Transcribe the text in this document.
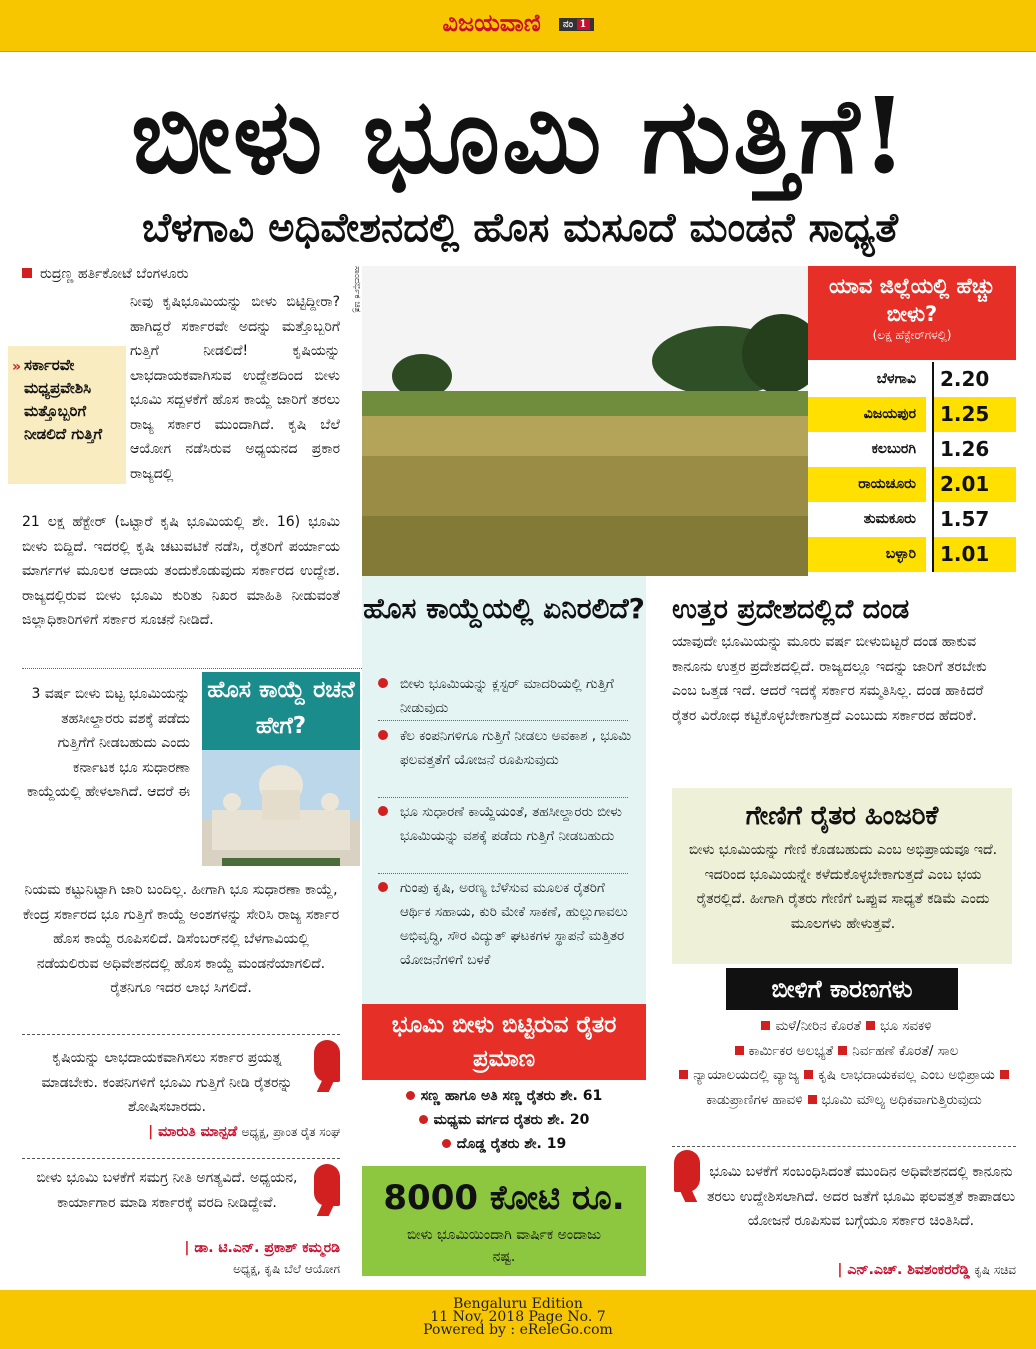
ವಿಜಯವಾಣಿ ನಂ 1
ಬೀಳು ಭೂಮಿ ಗುತ್ತಿಗೆ!
ಬೆಳಗಾವಿ ಅಧಿವೇಶನದಲ್ಲಿ ಹೊಸ ಮಸೂದೆ ಮಂಡನೆ ಸಾಧ್ಯತೆ
ರುದ್ರಣ್ಣ ಹರ್ತಿಕೋಟೆ ಬೆಂಗಳೂರು
ನೀವು ಕೃಷಿಭೂಮಿಯನ್ನು ಬೀಳು ಬಿಟ್ಟಿದ್ದೀರಾ? ಹಾಗಿದ್ದರೆ ಸರ್ಕಾರವೇ ಅದನ್ನು ಮತ್ತೊಬ್ಬರಿಗೆ ಗುತ್ತಿಗೆ ನೀಡಲಿದೆ! ಕೃಷಿಯನ್ನು ಲಾಭದಾಯಕವಾಗಿಸುವ ಉದ್ದೇಶದಿಂದ ಬೀಳು ಭೂಮಿ ಸದ್ಬಳಕೆಗೆ ಹೊಸ ಕಾಯ್ದೆ ಜಾರಿಗೆ ತರಲು ರಾಜ್ಯ ಸರ್ಕಾರ ಮುಂದಾಗಿದೆ. ಕೃಷಿ ಬೆಲೆ ಆಯೋಗ ನಡೆಸಿರುವ ಅಧ್ಯಯನದ ಪ್ರಕಾರ ರಾಜ್ಯದಲ್ಲಿ
21 ಲಕ್ಷ ಹೆಕ್ಟೇರ್ (ಒಟ್ಟಾರೆ ಕೃಷಿ ಭೂಮಿಯಲ್ಲಿ ಶೇ. 16) ಭೂಮಿ ಬೀಳು ಬಿದ್ದಿದೆ. ಇದರಲ್ಲಿ ಕೃಷಿ ಚಟುವಟಿಕೆ ನಡೆಸಿ, ರೈತರಿಗೆ ಪರ್ಯಾಯ ಮಾರ್ಗಗಳ ಮೂಲಕ ಆದಾಯ ತಂದುಕೊಡುವುದು ಸರ್ಕಾರದ ಉದ್ದೇಶ. ರಾಜ್ಯದಲ್ಲಿರುವ ಬೀಳು ಭೂಮಿ ಕುರಿತು ನಿಖರ ಮಾಹಿತಿ ನೀಡುವಂತೆ ಜಿಲ್ಲಾಧಿಕಾರಿಗಳಿಗೆ ಸರ್ಕಾರ ಸೂಚನೆ ನೀಡಿದೆ.
» ಸರ್ಕಾರವೇ ಮಧ್ಯಪ್ರವೇಶಿಸಿ ಮತ್ತೊಬ್ಬರಿಗೆ ನೀಡಲಿದೆ ಗುತ್ತಿಗೆ
ಸಾಂದರ್ಭಿಕ ಚಿತ್ರ
ಬೆಳಗಾವಿ	2.20
ವಿಜಯಪುರ	1.25
ಕಲಬುರಗಿ	1.26
ರಾಯಚೂರು	2.01
ತುಮಕೂರು	1.57
ಬಳ್ಳಾರಿ	1.01
ಯಾವ ಜಿಲ್ಲೆಯಲ್ಲಿ ಹೆಚ್ಚು ಬೀಳು?
(ಲಕ್ಷ ಹೆಕ್ಟೇರ್‌ಗಳಲ್ಲಿ)
ಹೊಸ ಕಾಯ್ದೆ ರಚನೆ ಹೇಗೆ?
3 ವರ್ಷ ಬೀಳು ಬಿಟ್ಟ ಭೂಮಿಯನ್ನು ತಹಸೀಲ್ದಾರರು ವಶಕ್ಕೆ ಪಡೆದು ಗುತ್ತಿಗೆಗೆ ನೀಡಬಹುದು ಎಂದು ಕರ್ನಾಟಕ ಭೂ ಸುಧಾರಣಾ ಕಾಯ್ದೆಯಲ್ಲಿ ಹೇಳಲಾಗಿದೆ. ಆದರೆ ಈ
ನಿಯಮ ಕಟ್ಟುನಿಟ್ಟಾಗಿ ಜಾರಿ ಬಂದಿಲ್ಲ. ಹೀಗಾಗಿ ಭೂ ಸುಧಾರಣಾ ಕಾಯ್ದೆ, ಕೇಂದ್ರ ಸರ್ಕಾರದ ಭೂ ಗುತ್ತಿಗೆ ಕಾಯ್ದೆ ಅಂಶಗಳನ್ನು ಸೇರಿಸಿ ರಾಜ್ಯ ಸರ್ಕಾರ ಹೊಸ ಕಾಯ್ದೆ ರೂಪಿಸಲಿದೆ. ಡಿಸೆಂಬರ್‌ನಲ್ಲಿ ಬೆಳಗಾವಿಯಲ್ಲಿ ನಡೆಯಲಿರುವ ಅಧಿವೇಶನದಲ್ಲಿ ಹೊಸ ಕಾಯ್ದೆ ಮಂಡನೆಯಾಗಲಿದೆ. ರೈತನಿಗೂ ಇದರ ಲಾಭ ಸಿಗಲಿದೆ.
ಕೃಷಿಯನ್ನು ಲಾಭದಾಯಕವಾಗಿಸಲು ಸರ್ಕಾರ ಪ್ರಯತ್ನ ಮಾಡಬೇಕು. ಕಂಪನಿಗಳಿಗೆ ಭೂಮಿ ಗುತ್ತಿಗೆ ನೀಡಿ ರೈತರನ್ನು ಶೋಷಿಸಬಾರದು.
| ಮಾರುತಿ ಮಾನ್ಪಡೆ ಅಧ್ಯಕ್ಷ, ಪ್ರಾಂತ ರೈತ ಸಂಘ
ಬೀಳು ಭೂಮಿ ಬಳಕೆಗೆ ಸಮಗ್ರ ನೀತಿ ಅಗತ್ಯವಿದೆ. ಅಧ್ಯಯನ, ಕಾರ್ಯಾಗಾರ ಮಾಡಿ ಸರ್ಕಾರಕ್ಕೆ ವರದಿ ನೀಡಿದ್ದೇವೆ.
| ಡಾ. ಟಿ.ಎನ್. ಪ್ರಕಾಶ್ ಕಮ್ಮರಡಿ
ಅಧ್ಯಕ್ಷ, ಕೃಷಿ ಬೆಲೆ ಆಯೋಗ
ಹೊಸ ಕಾಯ್ದೆಯಲ್ಲಿ ಏನಿರಲಿದೆ?
ಬೀಳು ಭೂಮಿಯನ್ನು ಕ್ಲಸ್ಟರ್ ಮಾದರಿಯಲ್ಲಿ ಗುತ್ತಿಗೆ ನೀಡುವುದು
ಕೆಲ ಕಂಪನಿಗಳಿಗೂ ಗುತ್ತಿಗೆ ನೀಡಲು ಅವಕಾಶ , ಭೂಮಿ ಫಲವತ್ತತೆಗೆ ಯೋಜನೆ ರೂಪಿಸುವುದು
ಭೂ ಸುಧಾರಣೆ ಕಾಯ್ದೆಯಂತೆ, ತಹಸೀಲ್ದಾರರು ಬೀಳು ಭೂಮಿಯನ್ನು ವಶಕ್ಕೆ ಪಡೆದು ಗುತ್ತಿಗೆ ನೀಡಬಹುದು
ಗುಂಪು ಕೃಷಿ, ಅರಣ್ಯ ಬೆಳೆಸುವ ಮೂಲಕ ರೈತರಿಗೆ ಆರ್ಥಿಕ ಸಹಾಯ, ಕುರಿ ಮೇಕೆ ಸಾಕಣೆ, ಹುಲ್ಲುಗಾವಲು ಅಭಿವೃದ್ಧಿ, ಸೌರ ವಿದ್ಯುತ್ ಘಟಕಗಳ ಸ್ಥಾಪನೆ ಮತ್ತಿತರ ಯೋಜನೆಗಳಿಗೆ ಬಳಕೆ
ಭೂಮಿ ಬೀಳು ಬಿಟ್ಟಿರುವ ರೈತರ ಪ್ರಮಾಣ
ಸಣ್ಣ ಹಾಗೂ ಅತಿ ಸಣ್ಣ ರೈತರು ಶೇ. 61
ಮಧ್ಯಮ ವರ್ಗದ ರೈತರು ಶೇ. 20
ದೊಡ್ಡ ರೈತರು ಶೇ. 19
8000 ಕೋಟಿ ರೂ.
ಬೀಳು ಭೂಮಿಯಿಂದಾಗಿ ವಾರ್ಷಿಕ ಅಂದಾಜು ನಷ್ಟ.
ಉತ್ತರ ಪ್ರದೇಶದಲ್ಲಿದೆ ದಂಡ
ಯಾವುದೇ ಭೂಮಿಯನ್ನು ಮೂರು ವರ್ಷ ಬೀಳುಬಿಟ್ಟರೆ ದಂಡ ಹಾಕುವ ಕಾನೂನು ಉತ್ತರ ಪ್ರದೇಶದಲ್ಲಿದೆ. ರಾಜ್ಯದಲ್ಲೂ ಇದನ್ನು ಜಾರಿಗೆ ತರಬೇಕು ಎಂಬ ಒತ್ತಡ ಇದೆ. ಆದರೆ ಇದಕ್ಕೆ ಸರ್ಕಾರ ಸಮ್ಮತಿಸಿಲ್ಲ. ದಂಡ ಹಾಕಿದರೆ ರೈತರ ವಿರೋಧ ಕಟ್ಟಿಕೊಳ್ಳಬೇಕಾಗುತ್ತದೆ ಎಂಬುದು ಸರ್ಕಾರದ ಹೆದರಿಕೆ.
ಗೇಣಿಗೆ ರೈತರ ಹಿಂಜರಿಕೆ
ಬೀಳು ಭೂಮಿಯನ್ನು ಗೇಣಿ ಕೊಡಬಹುದು ಎಂಬ ಅಭಿಪ್ರಾಯವೂ ಇದೆ. ಇದರಿಂದ ಭೂಮಿಯನ್ನೇ ಕಳೆದುಕೊಳ್ಳಬೇಕಾಗುತ್ತದೆ ಎಂಬ ಭಯ ರೈತರಲ್ಲಿದೆ. ಹೀಗಾಗಿ ರೈತರು ಗೇಣಿಗೆ ಒಪ್ಪುವ ಸಾಧ್ಯತೆ ಕಡಿಮೆ ಎಂದು ಮೂಲಗಳು ಹೇಳುತ್ತವೆ.
ಬೀಳಿಗೆ ಕಾರಣಗಳು
ಮಳೆ/ನೀರಿನ ಕೊರತೆ ಭೂ ಸವಕಳಿ
ಕಾರ್ಮಿಕರ ಅಲಭ್ಯತೆ ನಿರ್ವಹಣೆ ಕೊರತೆ/ ಸಾಲ
ನ್ಯಾಯಾಲಯದಲ್ಲಿ ವ್ಯಾಜ್ಯ ಕೃಷಿ ಲಾಭದಾಯಕವಲ್ಲ ಎಂಬ ಅಭಿಪ್ರಾಯಕಾಡುಪ್ರಾಣಿಗಳ ಹಾವಳಿ ಭೂಮಿ ಮೌಲ್ಯ ಅಧಿಕವಾಗುತ್ತಿರುವುದು
ಭೂಮಿ ಬಳಕೆಗೆ ಸಂಬಂಧಿಸಿದಂತೆ ಮುಂದಿನ ಅಧಿವೇಶನದಲ್ಲಿ ಕಾನೂನು ತರಲು ಉದ್ದೇಶಿಸಲಾಗಿದೆ. ಅದರ ಜತೆಗೆ ಭೂಮಿ ಫಲವತ್ತತೆ ಕಾಪಾಡಲು ಯೋಜನೆ ರೂಪಿಸುವ ಬಗ್ಗೆಯೂ ಸರ್ಕಾರ ಚಿಂತಿಸಿದೆ.
| ಎನ್.ಎಚ್. ಶಿವಶಂಕರರೆಡ್ಡಿ ಕೃಷಿ ಸಚಿವ
Bengaluru Edition
11 Nov, 2018 Page No. 7
Powered by : eReleGo.com
